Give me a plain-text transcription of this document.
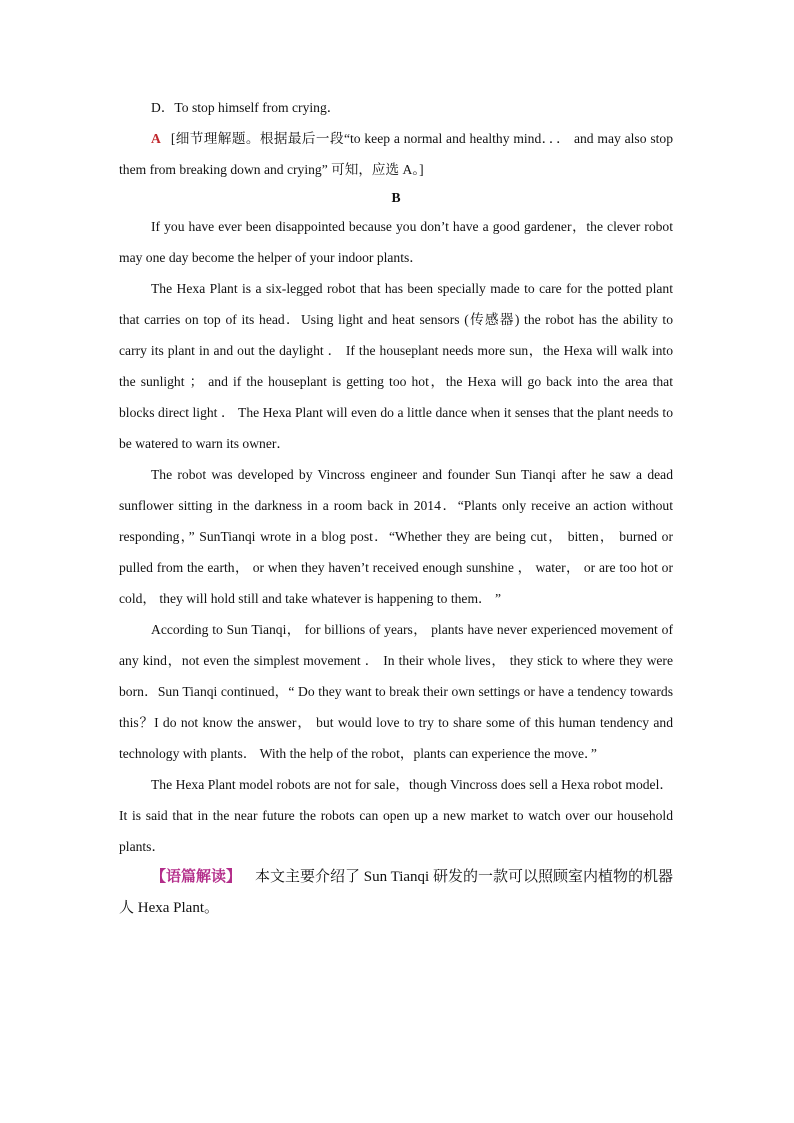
D．To stop himself from crying．

A [细节理解题。根据最后一段“to keep a normal and healthy mind．．． and may also stop them from breaking down and crying” 可知，应选 A。]

B

If you have ever been disappointed because you don’t have a good gardener，the clever robot may one day become the helper of your indoor plants．

The Hexa Plant is a six-legged robot that has been specially made to care for the potted plant that carries on top of its head．Using light and heat sensors (传感器) the robot has the ability to carry its plant in and out the daylight ． If the houseplant needs more sun，the Hexa will walk into the sunlight ； and if the houseplant is getting too hot，the Hexa will go back into the area that blocks direct light ． The Hexa Plant will even do a little dance when it senses that the plant needs to be watered to warn its owner．

The robot was developed by Vincross engineer and founder Sun Tianqi after he saw a dead sunflower sitting in the darkness in a room back in 2014．“Plants only receive an action without responding，” SunTianqi wrote in a blog post．“Whether they are being cut， bitten， burned or pulled from the earth， or when they haven’t received enough sunshine ， water， or are too hot or cold， they will hold still and take whatever is happening to them． ”

According to Sun Tianqi， for billions of years， plants have never experienced movement of any kind，not even the simplest movement ． In their whole lives， they stick to where they were born．Sun Tianqi continued，“ Do they want to break their own settings or have a tendency towards this？I do not know the answer， but would love to try to share some of this human tendency and technology with plants． With the help of the robot，plants can experience the move．”

The Hexa Plant model robots are not for sale，though Vincross does sell a Hexa robot model． It is said that in the near future the robots can open up a new market to watch over our household plants．

【语篇解读】 本文主要介绍了 Sun Tianqi 研发的一款可以照顾室内植物的机器人 Hexa Plant。
